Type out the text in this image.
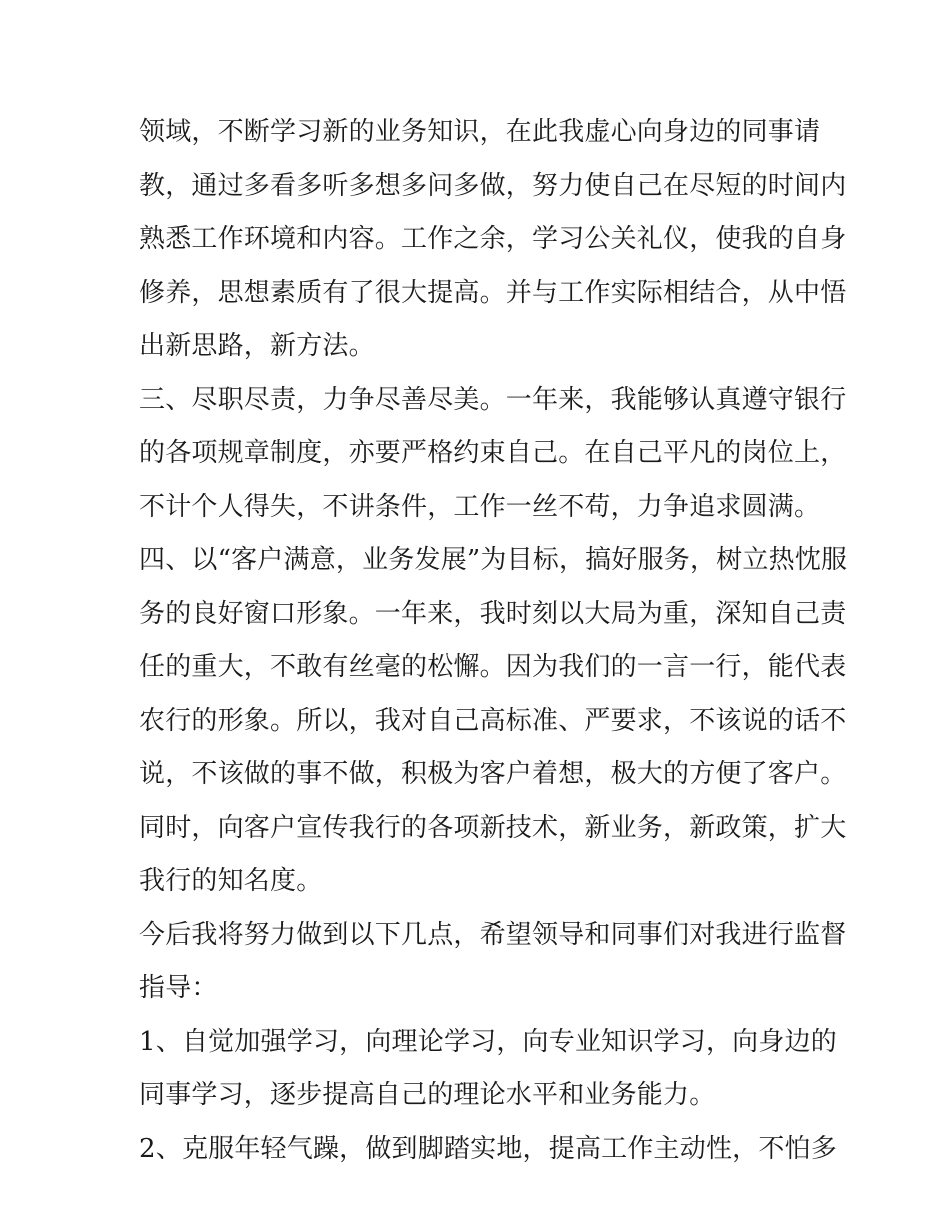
领域，不断学习新的业务知识，在此我虚心向身边的同事请
教，通过多看多听多想多问多做，努力使自己在尽短的时间内
熟悉工作环境和内容。工作之余，学习公关礼仪，使我的自身
修养，思想素质有了很大提高。并与工作实际相结合，从中悟
出新思路，新方法。
三、尽职尽责，力争尽善尽美。一年来，我能够认真遵守银行
的各项规章制度，亦要严格约束自己。在自己平凡的岗位上，
不计个人得失，不讲条件，工作一丝不苟，力争追求圆满。
四、以“客户满意，业务发展”为目标，搞好服务，树立热忱服
务的良好窗口形象。一年来，我时刻以大局为重，深知自己责
任的重大，不敢有丝毫的松懈。因为我们的一言一行，能代表
农行的形象。所以，我对自己高标准、严要求，不该说的话不
说，不该做的事不做，积极为客户着想，极大的方便了客户。
同时，向客户宣传我行的各项新技术，新业务，新政策，扩大
我行的知名度。
今后我将努力做到以下几点，希望领导和同事们对我进行监督
指导：
1、自觉加强学习，向理论学习，向专业知识学习，向身边的
同事学习，逐步提高自己的理论水平和业务能力。
2、克服年轻气躁，做到脚踏实地，提高工作主动性，不怕多
